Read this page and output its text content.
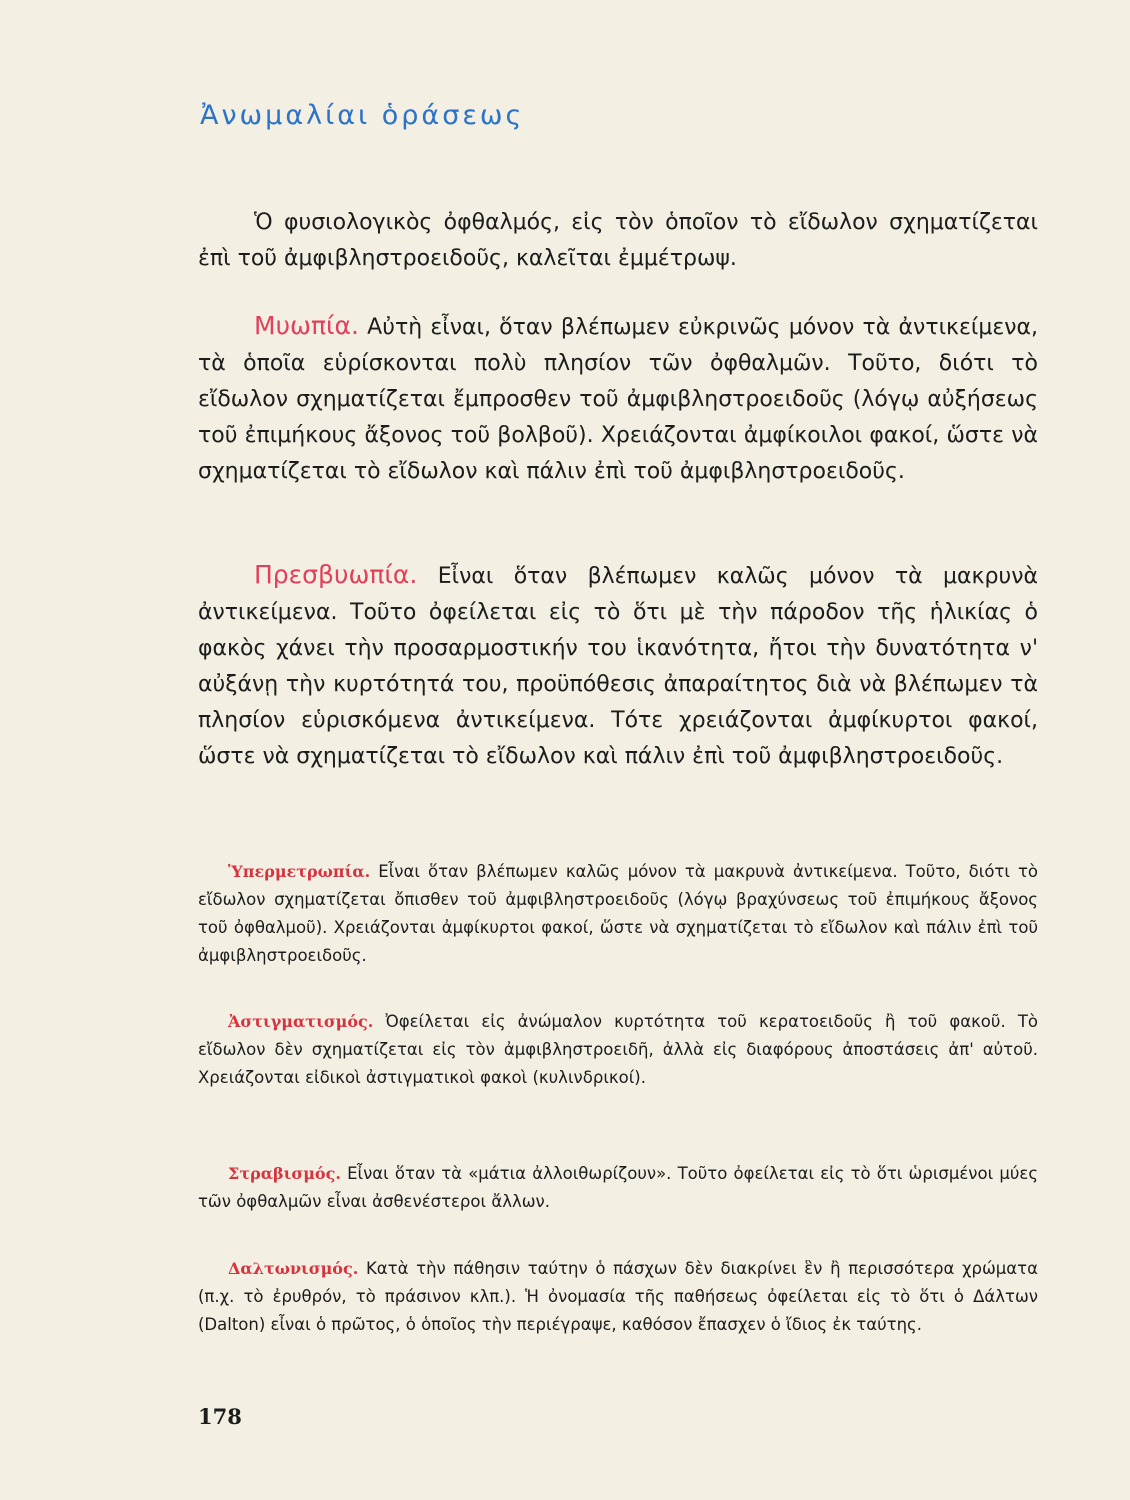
Ἀνωμαλίαι ὁράσεως

Ὁ φυσιολογικὸς ὀφθαλμός, εἰς τὸν ὁποῖον τὸ εἴδωλον σχηματίζεται ἐπὶ τοῦ ἀμφιβληστροειδοῦς, καλεῖται ἐμμέτρωψ.

Μυωπία. Αὐτὴ εἶναι, ὅταν βλέπωμεν εὐκρινῶς μόνον τὰ ἀντικείμενα, τὰ ὁποῖα εὑρίσκονται πολὺ πλησίον τῶν ὀφθαλμῶν. Τοῦτο, διότι τὸ εἴδωλον σχηματίζεται ἔμπροσθεν τοῦ ἀμφιβληστροειδοῦς (λόγῳ αὐξήσεως τοῦ ἐπιμήκους ἄξονος τοῦ βολβοῦ). Χρειάζονται ἀμφίκοιλοι φακοί, ὥστε νὰ σχηματίζεται τὸ εἴδωλον καὶ πάλιν ἐπὶ τοῦ ἀμφιβληστροειδοῦς.

Πρεσβυωπία. Εἶναι ὅταν βλέπωμεν καλῶς μόνον τὰ μακρυνὰ ἀντικείμενα. Τοῦτο ὀφείλεται εἰς τὸ ὅτι μὲ τὴν πάροδον τῆς ἡλικίας ὁ φακὸς χάνει τὴν προσαρμοστικήν του ἱκανότητα, ἤτοι τὴν δυνατότητα ν' αὐξάνῃ τὴν κυρτότητά του, προϋπόθεσις ἀπαραίτητος διὰ νὰ βλέπωμεν τὰ πλησίον εὑρισκόμενα ἀντικείμενα. Τότε χρειάζονται ἀμφίκυρτοι φακοί, ὥστε νὰ σχηματίζεται τὸ εἴδωλον καὶ πάλιν ἐπὶ τοῦ ἀμφιβληστροειδοῦς.

Ὑπερμετρωπία. Εἶναι ὅταν βλέπωμεν καλῶς μόνον τὰ μακρυνὰ ἀντικείμενα. Τοῦτο, διότι τὸ εἴδωλον σχηματίζεται ὄπισθεν τοῦ ἀμφιβληστροειδοῦς (λόγῳ βραχύνσεως τοῦ ἐπιμήκους ἄξονος τοῦ ὀφθαλμοῦ). Χρειάζονται ἀμφίκυρτοι φακοί, ὥστε νὰ σχηματίζεται τὸ εἴδωλον καὶ πάλιν ἐπὶ τοῦ ἀμφιβληστροειδοῦς.

Ἀστιγματισμός. Ὀφείλεται εἰς ἀνώμαλον κυρτότητα τοῦ κερατοειδοῦς ἢ τοῦ φακοῦ. Τὸ εἴδωλον δὲν σχηματίζεται εἰς τὸν ἀμφιβληστροειδῆ, ἀλλὰ εἰς διαφόρους ἀποστάσεις ἀπ' αὐτοῦ. Χρειάζονται εἰδικοὶ ἀστιγματικοὶ φακοὶ (κυλινδρικοί).

Στραβισμός. Εἶναι ὅταν τὰ «μάτια ἀλλοιθωρίζουν». Τοῦτο ὀφείλεται εἰς τὸ ὅτι ὡρισμένοι μύες τῶν ὀφθαλμῶν εἶναι ἀσθενέστεροι ἄλλων.

Δαλτωνισμός. Κατὰ τὴν πάθησιν ταύτην ὁ πάσχων δὲν διακρίνει ἓν ἢ περισσότερα χρώματα (π.χ. τὸ ἐρυθρόν, τὸ πράσινον κλπ.). Ἡ ὀνομασία τῆς παθήσεως ὀφείλεται εἰς τὸ ὅτι ὁ Δάλτων (Dalton) εἶναι ὁ πρῶτος, ὁ ὁποῖος τὴν περιέγραψε, καθόσον ἔπασχεν ὁ ἴδιος ἐκ ταύτης.

178
